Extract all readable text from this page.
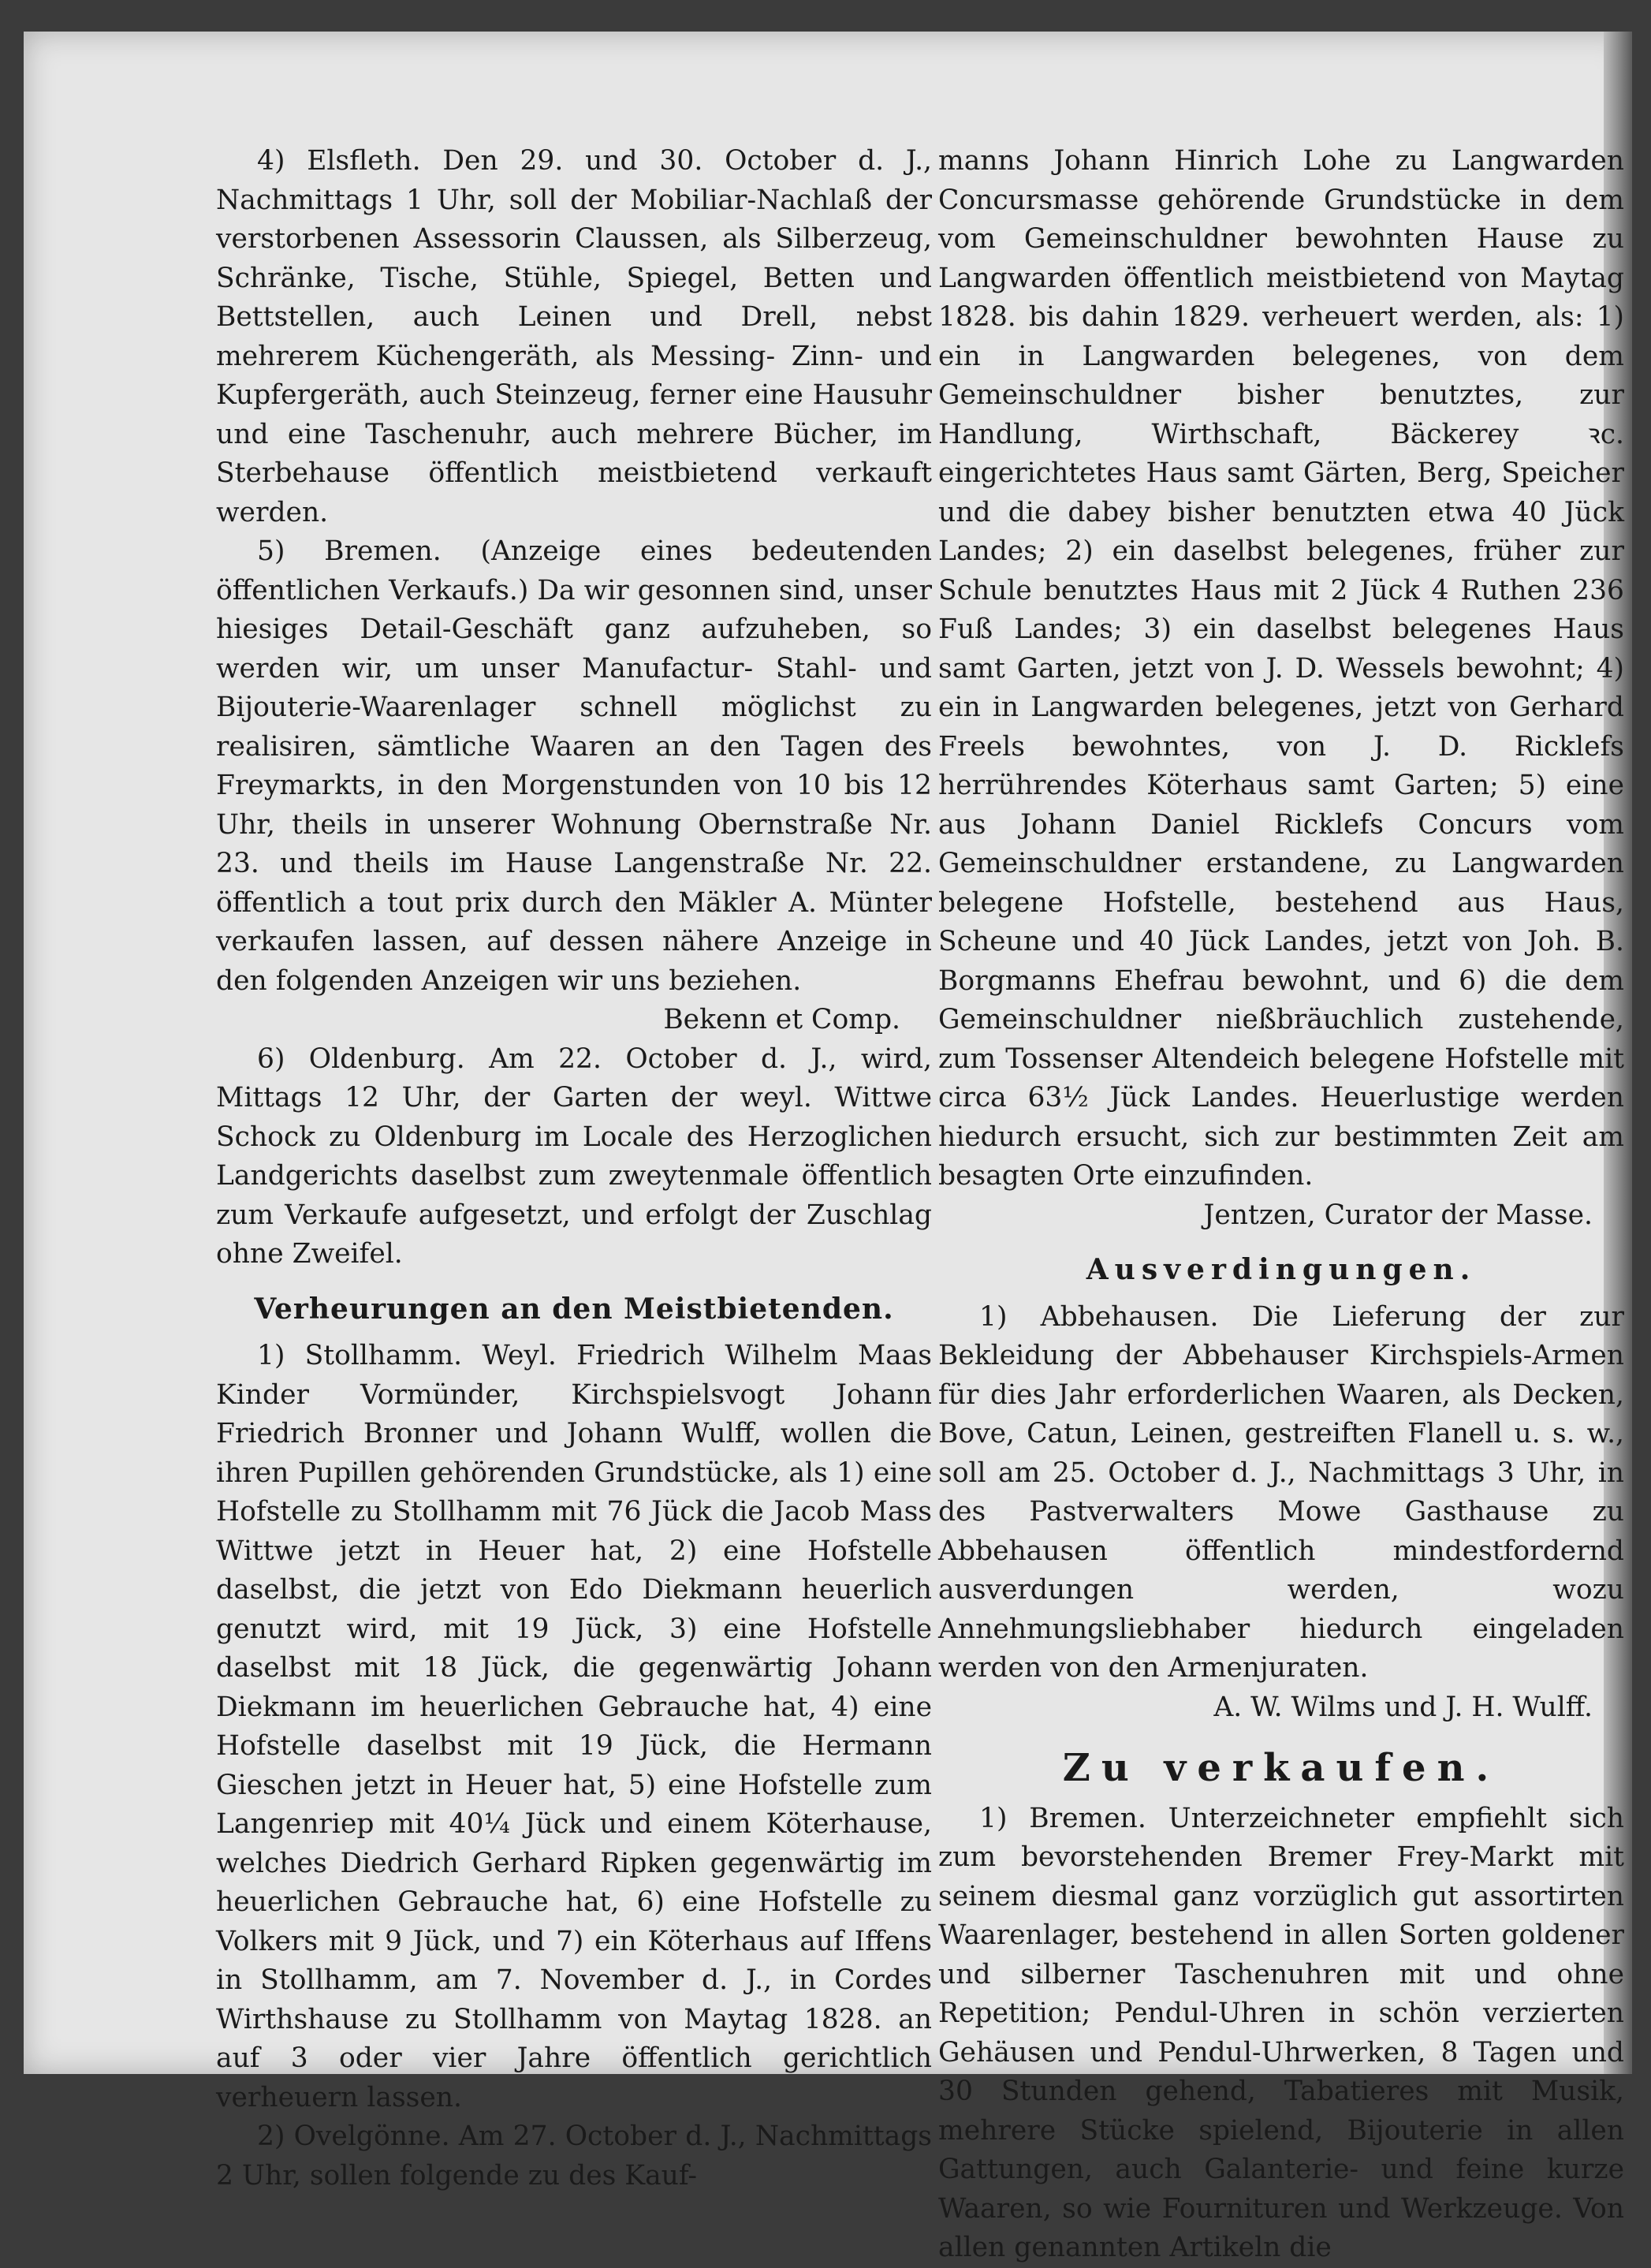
4) Elsfleth. Den 29. und 30. October d. J., Nachmittags 1 Uhr, soll der Mobiliar-Nachlaß der verstorbenen Assessorin Claussen, als Silberzeug, Schränke, Tische, Stühle, Spiegel, Betten und Bettstellen, auch Leinen und Drell, nebst mehrerem Küchengeräth, als Messing- Zinn- und Kupfergeräth, auch Steinzeug, ferner eine Hausuhr und eine Taschenuhr, auch mehrere Bücher, im Sterbehause öffentlich meistbietend verkauft werden.

5) Bremen. (Anzeige eines bedeutenden öffentlichen Verkaufs.) Da wir gesonnen sind, unser hiesiges Detail-Geschäft ganz aufzuheben, so werden wir, um unser Manufactur- Stahl- und Bijouterie-Waarenlager schnell möglichst zu realisiren, sämtliche Waaren an den Tagen des Freymarkts, in den Morgenstunden von 10 bis 12 Uhr, theils in unserer Wohnung Obernstraße Nr. 23. und theils im Hause Langenstraße Nr. 22. öffentlich a tout prix durch den Mäkler A. Münter verkaufen lassen, auf dessen nähere Anzeige in den folgenden Anzeigen wir uns beziehen.

Bekenn et Comp.

6) Oldenburg. Am 22. October d. J., wird, Mittags 12 Uhr, der Garten der weyl. Wittwe Schock zu Oldenburg im Locale des Herzoglichen Landgerichts daselbst zum zweytenmale öffentlich zum Verkaufe aufgesetzt, und erfolgt der Zuschlag ohne Zweifel.

Verheurungen an den Meistbietenden.

1) Stollhamm. Weyl. Friedrich Wilhelm Maas Kinder Vormünder, Kirchspielsvogt Johann Friedrich Bronner und Johann Wulff, wollen die ihren Pupillen gehörenden Grundstücke, als 1) eine Hofstelle zu Stollhamm mit 76 Jück die Jacob Mass Wittwe jetzt in Heuer hat, 2) eine Hofstelle daselbst, die jetzt von Edo Diekmann heuerlich genutzt wird, mit 19 Jück, 3) eine Hofstelle daselbst mit 18 Jück, die gegenwärtig Johann Diekmann im heuerlichen Gebrauche hat, 4) eine Hofstelle daselbst mit 19 Jück, die Hermann Gieschen jetzt in Heuer hat, 5) eine Hofstelle zum Langenriep mit 40¼ Jück und einem Köterhause, welches Diedrich Gerhard Ripken gegenwärtig im heuerlichen Gebrauche hat, 6) eine Hofstelle zu Volkers mit 9 Jück, und 7) ein Köterhaus auf Iffens in Stollhamm, am 7. November d. J., in Cordes Wirthshause zu Stollhamm von Maytag 1828. an auf 3 oder vier Jahre öffentlich gerichtlich verheuern lassen.

2) Ovelgönne. Am 27. October d. J., Nachmittags 2 Uhr, sollen folgende zu des Kauf-

manns Johann Hinrich Lohe zu Langwarden Concursmasse gehörende Grundstücke in dem vom Gemeinschuldner bewohnten Hause zu Langwarden öffentlich meistbietend von Maytag 1828. bis dahin 1829. verheuert werden, als: 1) ein in Langwarden belegenes, von dem Gemeinschuldner bisher benutztes, zur Handlung, Wirthschaft, Bäckerey ꝛc. eingerichtetes Haus samt Gärten, Berg, Speicher und die dabey bisher benutzten etwa 40 Jück Landes; 2) ein daselbst belegenes, früher zur Schule benutztes Haus mit 2 Jück 4 Ruthen 236 Fuß Landes; 3) ein daselbst belegenes Haus samt Garten, jetzt von J. D. Wessels bewohnt; 4) ein in Langwarden belegenes, jetzt von Gerhard Freels bewohntes, von J. D. Ricklefs herrührendes Köterhaus samt Garten; 5) eine aus Johann Daniel Ricklefs Concurs vom Gemeinschuldner erstandene, zu Langwarden belegene Hofstelle, bestehend aus Haus, Scheune und 40 Jück Landes, jetzt von Joh. B. Borgmanns Ehefrau bewohnt, und 6) die dem Gemeinschuldner nießbräuchlich zustehende, zum Tossenser Altendeich belegene Hofstelle mit circa 63½ Jück Landes. Heuerlustige werden hiedurch ersucht, sich zur bestimmten Zeit am besagten Orte einzufinden.

Jentzen, Curator der Masse.

Ausverdingungen.

1) Abbehausen. Die Lieferung der zur Bekleidung der Abbehauser Kirchspiels-Armen für dies Jahr erforderlichen Waaren, als Decken, Bove, Catun, Leinen, gestreiften Flanell u. s. w., soll am 25. October d. J., Nachmittags 3 Uhr, in des Pastverwalters Mowe Gasthause zu Abbehausen öffentlich mindestfordernd ausverdungen werden, wozu Annehmungsliebhaber hiedurch eingeladen werden von den Armenjuraten.

A. W. Wilms und J. H. Wulff.

Zu verkaufen.

1) Bremen. Unterzeichneter empfiehlt sich zum bevorstehenden Bremer Frey-Markt mit seinem diesmal ganz vorzüglich gut assortirten Waarenlager, bestehend in allen Sorten goldener und silberner Taschenuhren mit und ohne Repetition; Pendul-Uhren in schön verzierten Gehäusen und Pendul-Uhrwerken, 8 Tagen und 30 Stunden gehend, Tabatieres mit Musik, mehrere Stücke spielend, Bijouterie in allen Gattungen, auch Galanterie- und feine kurze Waaren, so wie Fournituren und Werkzeuge. Von allen genannten Artikeln die
